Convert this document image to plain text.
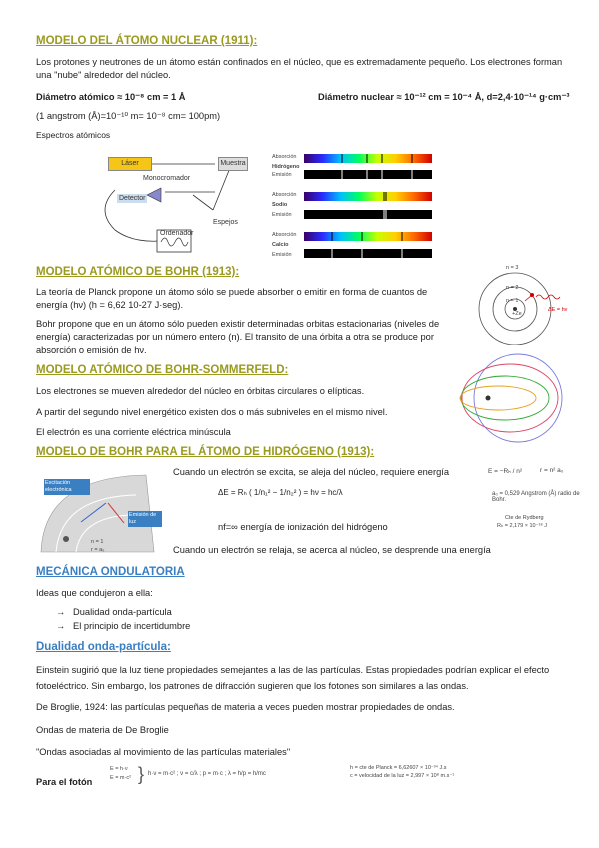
MODELO DEL ÁTOMO NUCLEAR (1911):
Los protones y neutrones de un átomo están confinados en el núcleo, que es extremadamente pequeño. Los electrones forman una "nube" alrededor del núcleo.
Diámetro atómico ≈ 10⁻⁸ cm = 1 Å	Diámetro nuclear ≈ 10⁻¹² cm = 10⁻⁴ Å, d=2,4·10⁻¹⁴ g·cm⁻³
(1 angstrom (Å)=10⁻¹⁰ m= 10⁻⁸ cm= 100pm)
Espectros atómicos
Láser	Muestra
Monocromador
Detector
Espejos
Ordenador
Absorción
Hidrógeno
Emisión
Absorción
Sodio
Emisión
Absorción
Calcio
Emisión
MODELO ATÓMICO DE BOHR (1913):
La teoría de Planck propone un átomo sólo se puede absorber o emitir en forma de cuantos de energía (hν) (h = 6,62 10-27 J·seg).
Bohr propone que en un átomo sólo pueden existir determinadas orbitas estacionarias (niveles de energía) caracterizadas por un número entero (n). El transito de una órbita a otra se produce por absorción o emisión de hν.
n = 3
n = 2
n = 1
+Ze
ΔE = hν
MODELO ATÓMICO DE BOHR-SOMMERFELD:
Los electrones se mueven alrededor del núcleo en órbitas circulares o elípticas.
A partir del segundo nivel energético existen dos o más subniveles en el mismo nivel.
El electrón es una corriente eléctrica minúscula
MODELO DE BOHR PARA EL ÁTOMO DE HIDRÓGENO (1913):
Excitación electrónica
Emisión de luz
n = 1
r = a₀
Cuando un electrón se excita, se aleja del núcleo, requiere energía
ΔE = Rₕ ( 1/n₁² − 1/n₂² ) = hν = hc/λ
nf=∞ energía de ionización del hidrógeno
Cuando un electrón se relaja, se acerca al núcleo, se desprende una energía
E = −Rₕ / n²	r = n² a₀
a₀ = 0,529 Angstrom (Å) radio de Bohr.
Cte de Rydberg
Rₕ = 2,179 × 10⁻¹⁸ J
MECÁNICA ONDULATORIA
Ideas que condujeron a ella:
→   Dualidad onda-partícula
→   El principio de incertidumbre
Dualidad onda-partícula:
Einstein sugirió que la luz tiene propiedades semejantes a las de las partículas. Estas propiedades podrían explicar el efecto fotoeléctrico. Sin embargo, los patrones de difracción sugieren que los fotones son similares a las ondas.
De Broglie, 1924: las partículas pequeñas de materia a veces pueden mostrar propiedades de ondas.
Ondas de materia de De Broglie
"Ondas asociadas al movimiento de las partículas materiales"
Para el fotón
E = h·ν
E = m·c² } h·ν = m·c² ; ν = c/λ ; p = m·c ; λ = h/p = h/mc
h = cte de Planck = 6,62607 × 10⁻³⁴ J.s
c = velocidad de la luz = 2,997 × 10⁸ m.s⁻¹
